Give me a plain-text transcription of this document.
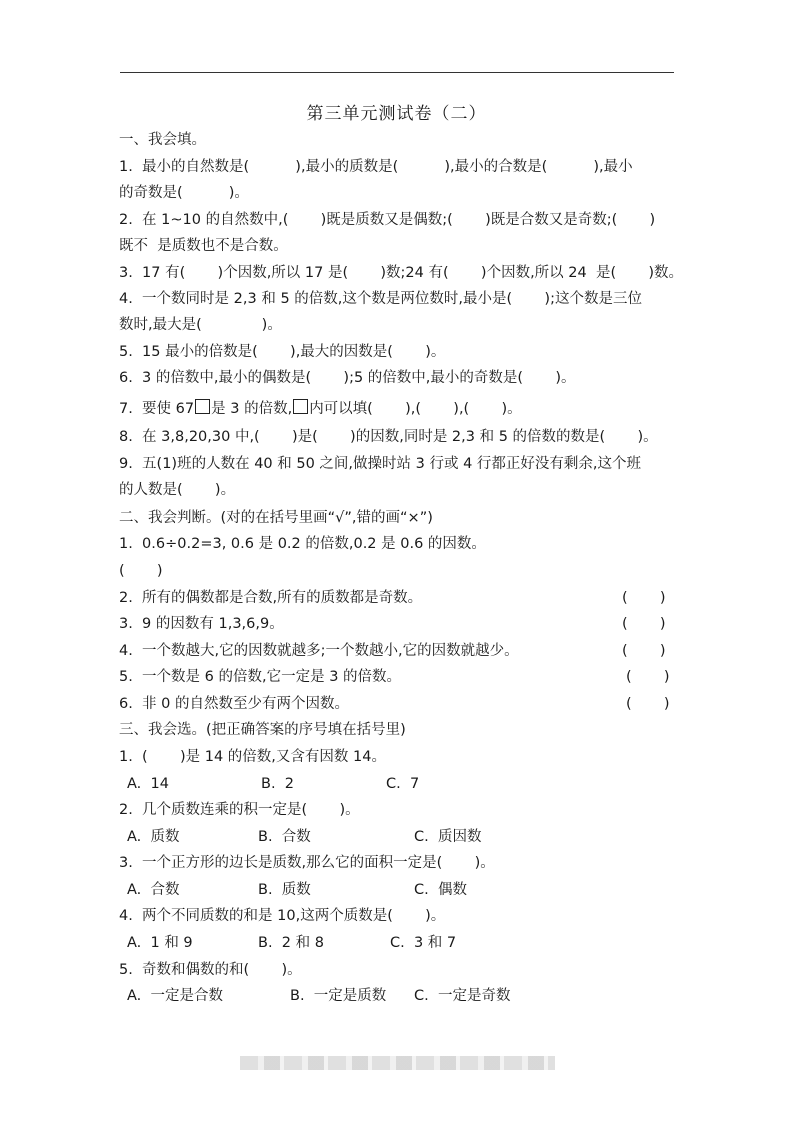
第三单元测试卷（二）
一、我会填。
1.  最小的自然数是(          ),最小的质数是(          ),最小的合数是(          ),最小
的奇数是(          )。
2.  在 1~10 的自然数中,(       )既是质数又是偶数;(       )既是合数又是奇数;(       )
既不  是质数也不是合数。
3.  17 有(       )个因数,所以 17 是(       )数;24 有(       )个因数,所以 24  是(       )数。
4.  一个数同时是 2,3 和 5 的倍数,这个数是两位数时,最小是(       );这个数是三位
数时,最大是(             )。
5.  15 最小的倍数是(       ),最大的因数是(       )。
6.  3 的倍数中,最小的偶数是(       );5 的倍数中,最小的奇数是(       )。
7.  要使 67 是 3 的倍数, 内可以填(       ),(       ),(       )。
8.  在 3,8,20,30 中,(       )是(       )的因数,同时是 2,3 和 5 的倍数的数是(       )。
9.  五(1)班的人数在 40 和 50 之间,做操时站 3 行或 4 行都正好没有剩余,这个班
的人数是(       )。
二、我会判断。(对的在括号里画“√”,错的画“×”)
1.  0.6÷0.2=3, 0.6 是 0.2 的倍数,0.2 是 0.6 的因数。
(       )
2.  所有的偶数都是合数,所有的质数都是奇数。	(       )
3.  9 的因数有 1,3,6,9。	(       )
4.  一个数越大,它的因数就越多;一个数越小,它的因数就越少。	(       )
5.  一个数是 6 的倍数,它一定是 3 的倍数。	(       )
6.  非 0 的自然数至少有两个因数。	(       )
三、我会选。(把正确答案的序号填在括号里)
1.  (       )是 14 的倍数,又含有因数 14。
A.  14	B.  2	C.  7
2.  几个质数连乘的积一定是(       )。
A.  质数	B.  合数	C.  质因数
3.  一个正方形的边长是质数,那么它的面积一定是(       )。
A.  合数	B.  质数	C.  偶数
4.  两个不同质数的和是 10,这两个质数是(       )。
A.  1 和 9	B.  2 和 8	C.  3 和 7
5.  奇数和偶数的和(       )。
A.  一定是合数	B.  一定是质数 C.  一定是奇数
